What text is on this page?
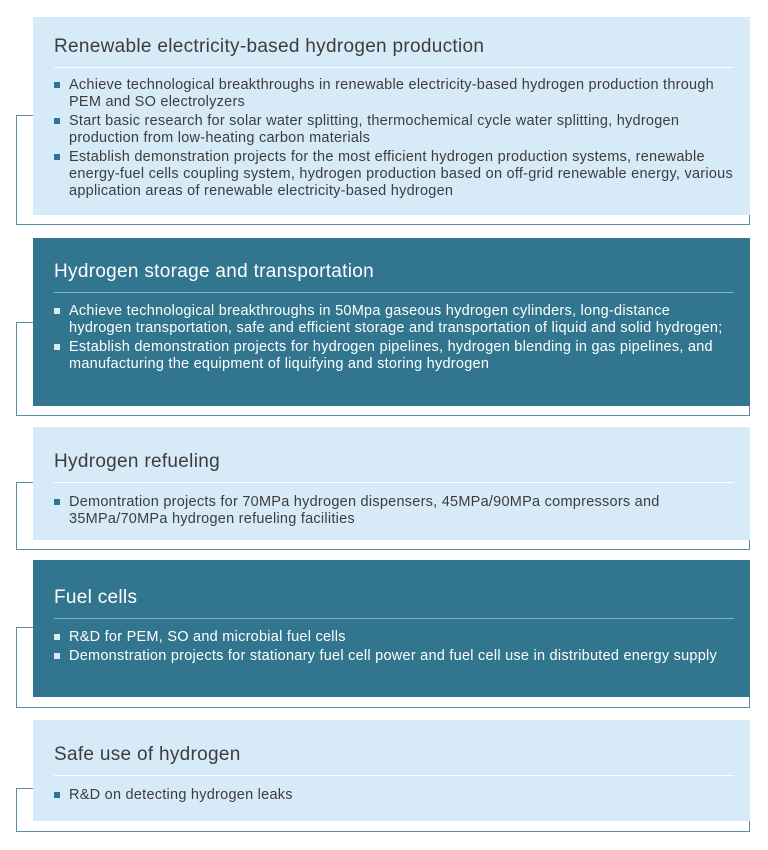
Renewable electricity-based hydrogen production
Achieve technological breakthroughs in renewable electricity-based hydrogen production through PEM and SO electrolyzers
Start basic research for solar water splitting, thermochemical cycle water splitting, hydrogen production from low-heating carbon materials
Establish demonstration projects for the most efficient hydrogen production systems, renewable energy-fuel cells coupling system, hydrogen production based on off-grid renewable energy, various application areas of renewable electricity-based hydrogen
Hydrogen storage and transportation
Achieve technological breakthroughs in 50Mpa gaseous hydrogen cylinders, long-distance hydrogen transportation, safe and efficient storage and transportation of liquid and solid hydrogen;
Establish demonstration projects for hydrogen pipelines, hydrogen blending in gas pipelines, and manufacturing the equipment of liquifying and storing hydrogen
Hydrogen refueling
Demontration projects for 70MPa hydrogen dispensers, 45MPa/90MPa compressors and 35MPa/70MPa hydrogen refueling facilities
Fuel cells
R&D for PEM, SO and microbial fuel cells
Demonstration projects for stationary fuel cell power and fuel cell use in distributed energy supply
Safe use of hydrogen
R&D on detecting hydrogen leaks
